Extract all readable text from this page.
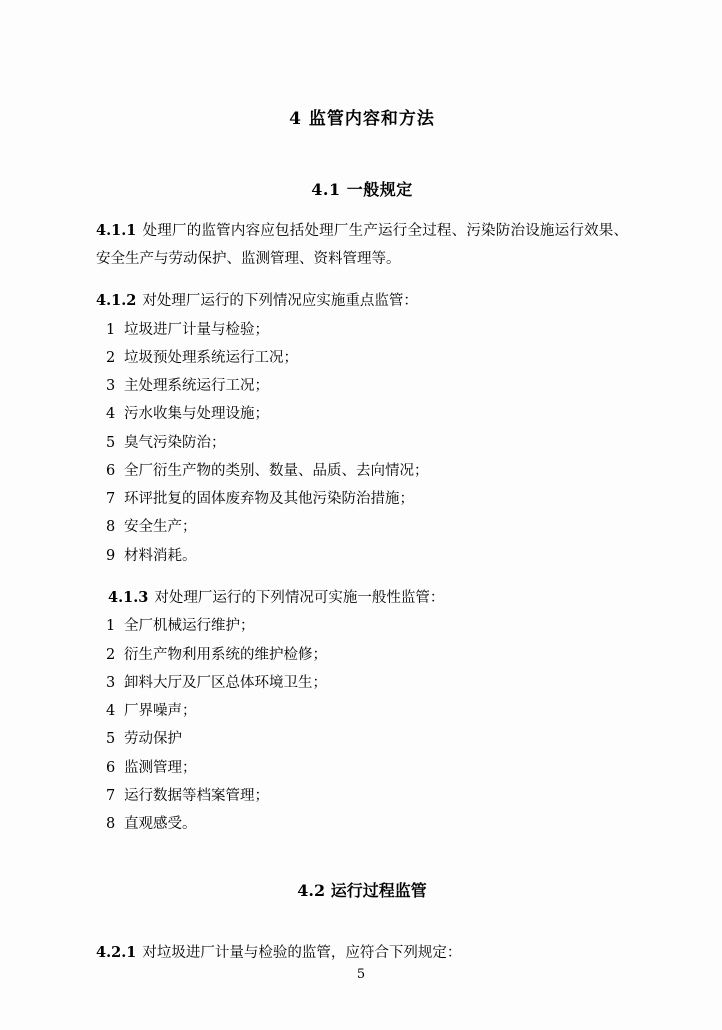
4 监管内容和方法
4.1 一般规定

4.1.1 处理厂的监管内容应包括处理厂生产运行全过程、污染防治设施运行效果、安全生产与劳动保护、监测管理、资料管理等。

4.1.2 对处理厂运行的下列情况应实施重点监管：

1 垃圾进厂计量与检验；
2 垃圾预处理系统运行工况；
3 主处理系统运行工况；
4 污水收集与处理设施；
5 臭气污染防治；
6 全厂衍生产物的类别、数量、品质、去向情况；
7 环评批复的固体废弃物及其他污染防治措施；
8 安全生产；
9 材料消耗。

4.1.3 对处理厂运行的下列情况可实施一般性监管：

1 全厂机械运行维护；
2 衍生产物利用系统的维护检修；
3 卸料大厅及厂区总体环境卫生；
4 厂界噪声；
5 劳动保护
6 监测管理；
7 运行数据等档案管理；
8 直观感受。
4.2 运行过程监管

4.2.1 对垃圾进厂计量与检验的监管，应符合下列规定：

5
